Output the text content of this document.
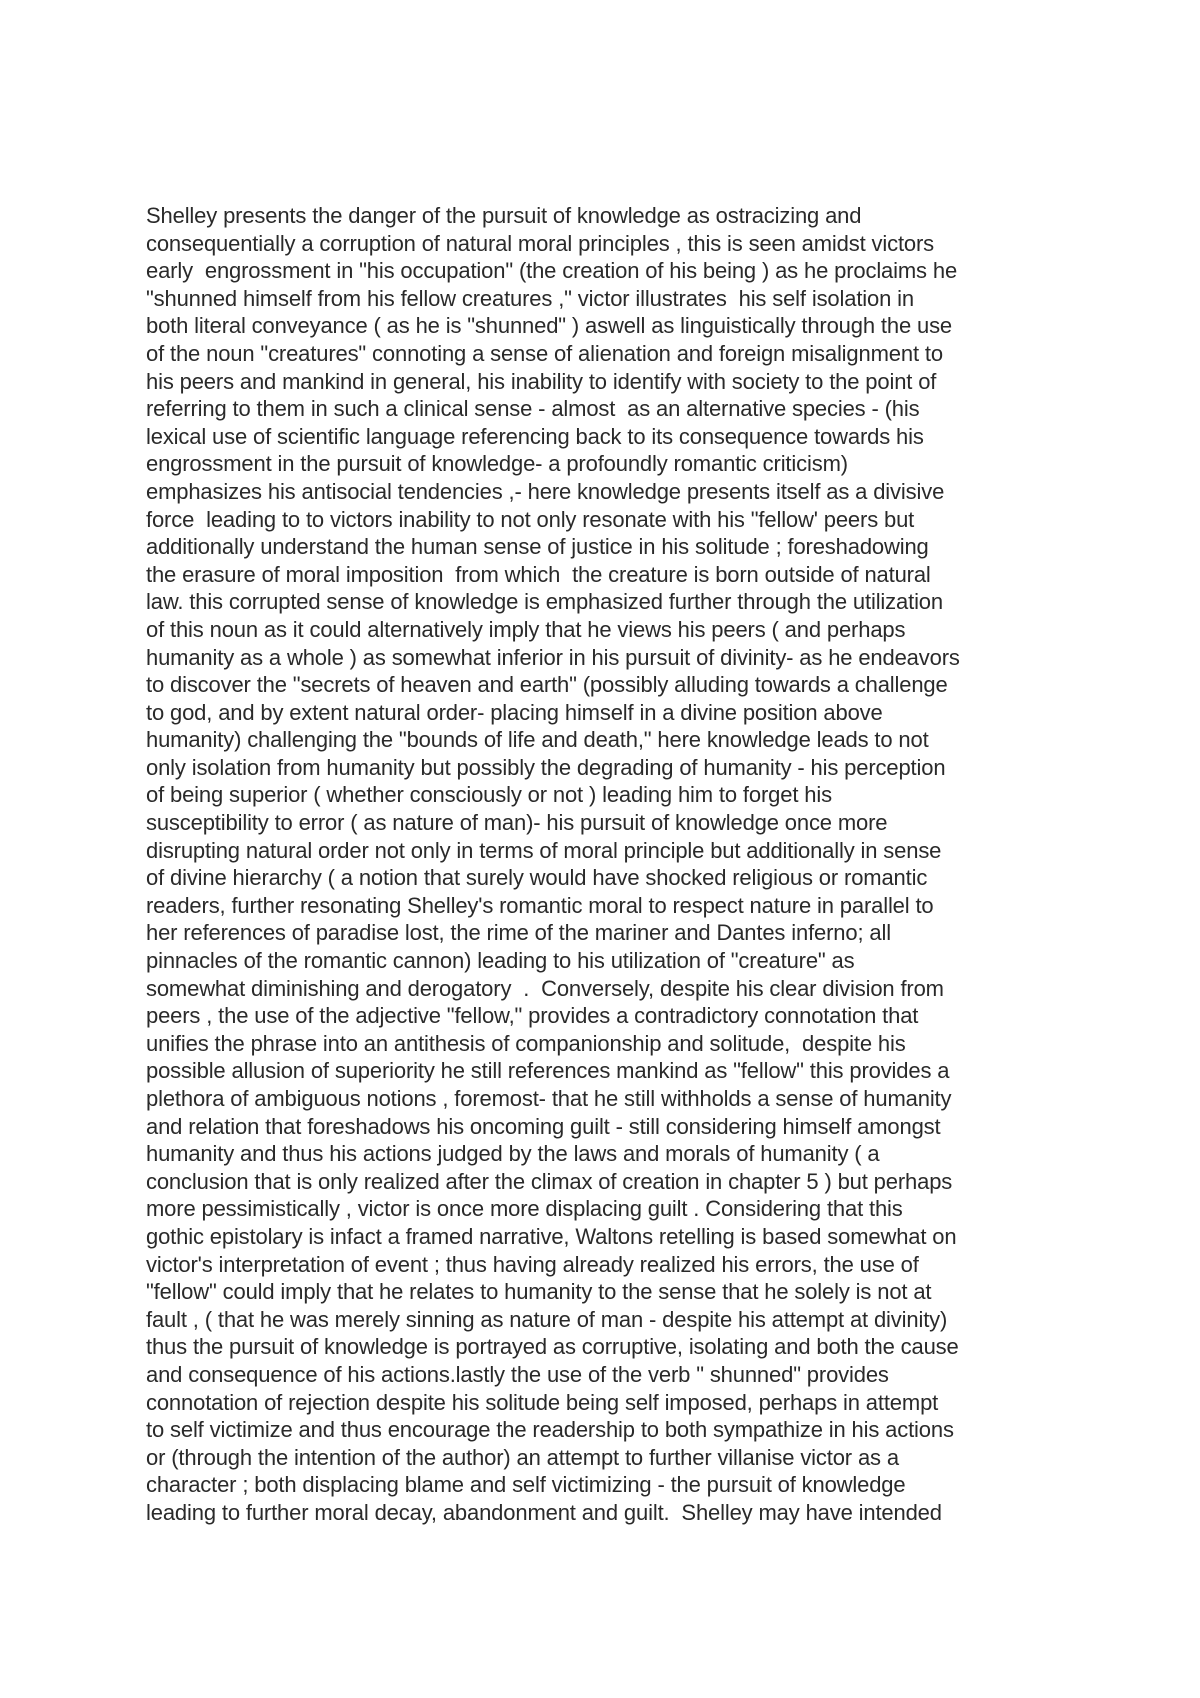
Shelley presents the danger of the pursuit of knowledge as ostracizing and
consequentially a corruption of natural moral principles , this is seen amidst victors
early  engrossment in "his occupation" (the creation of his being ) as he proclaims he
"shunned himself from his fellow creatures ," victor illustrates  his self isolation in
both literal conveyance ( as he is "shunned" ) aswell as linguistically through the use
of the noun "creatures" connoting a sense of alienation and foreign misalignment to
his peers and mankind in general, his inability to identify with society to the point of
referring to them in such a clinical sense - almost  as an alternative species - (his
lexical use of scientific language referencing back to its consequence towards his
engrossment in the pursuit of knowledge- a profoundly romantic criticism)
emphasizes his antisocial tendencies ,- here knowledge presents itself as a divisive
force  leading to to victors inability to not only resonate with his "fellow' peers but
additionally understand the human sense of justice in his solitude ; foreshadowing
the erasure of moral imposition  from which  the creature is born outside of natural
law. this corrupted sense of knowledge is emphasized further through the utilization
of this noun as it could alternatively imply that he views his peers ( and perhaps
humanity as a whole ) as somewhat inferior in his pursuit of divinity- as he endeavors
to discover the "secrets of heaven and earth" (possibly alluding towards a challenge
to god, and by extent natural order- placing himself in a divine position above
humanity) challenging the "bounds of life and death," here knowledge leads to not
only isolation from humanity but possibly the degrading of humanity - his perception
of being superior ( whether consciously or not ) leading him to forget his
susceptibility to error ( as nature of man)- his pursuit of knowledge once more
disrupting natural order not only in terms of moral principle but additionally in sense
of divine hierarchy ( a notion that surely would have shocked religious or romantic
readers, further resonating Shelley's romantic moral to respect nature in parallel to
her references of paradise lost, the rime of the mariner and Dantes inferno; all
pinnacles of the romantic cannon) leading to his utilization of "creature" as
somewhat diminishing and derogatory  .  Conversely, despite his clear division from
peers , the use of the adjective "fellow," provides a contradictory connotation that
unifies the phrase into an antithesis of companionship and solitude,  despite his
possible allusion of superiority he still references mankind as "fellow" this provides a
plethora of ambiguous notions , foremost- that he still withholds a sense of humanity
and relation that foreshadows his oncoming guilt - still considering himself amongst
humanity and thus his actions judged by the laws and morals of humanity ( a
conclusion that is only realized after the climax of creation in chapter 5 ) but perhaps
more pessimistically , victor is once more displacing guilt . Considering that this
gothic epistolary is infact a framed narrative, Waltons retelling is based somewhat on
victor's interpretation of event ; thus having already realized his errors, the use of
"fellow" could imply that he relates to humanity to the sense that he solely is not at
fault , ( that he was merely sinning as nature of man - despite his attempt at divinity)
thus the pursuit of knowledge is portrayed as corruptive, isolating and both the cause
and consequence of his actions.lastly the use of the verb " shunned" provides
connotation of rejection despite his solitude being self imposed, perhaps in attempt
to self victimize and thus encourage the readership to both sympathize in his actions
or (through the intention of the author) an attempt to further villanise victor as a
character ; both displacing blame and self victimizing - the pursuit of knowledge
leading to further moral decay, abandonment and guilt.  Shelley may have intended
